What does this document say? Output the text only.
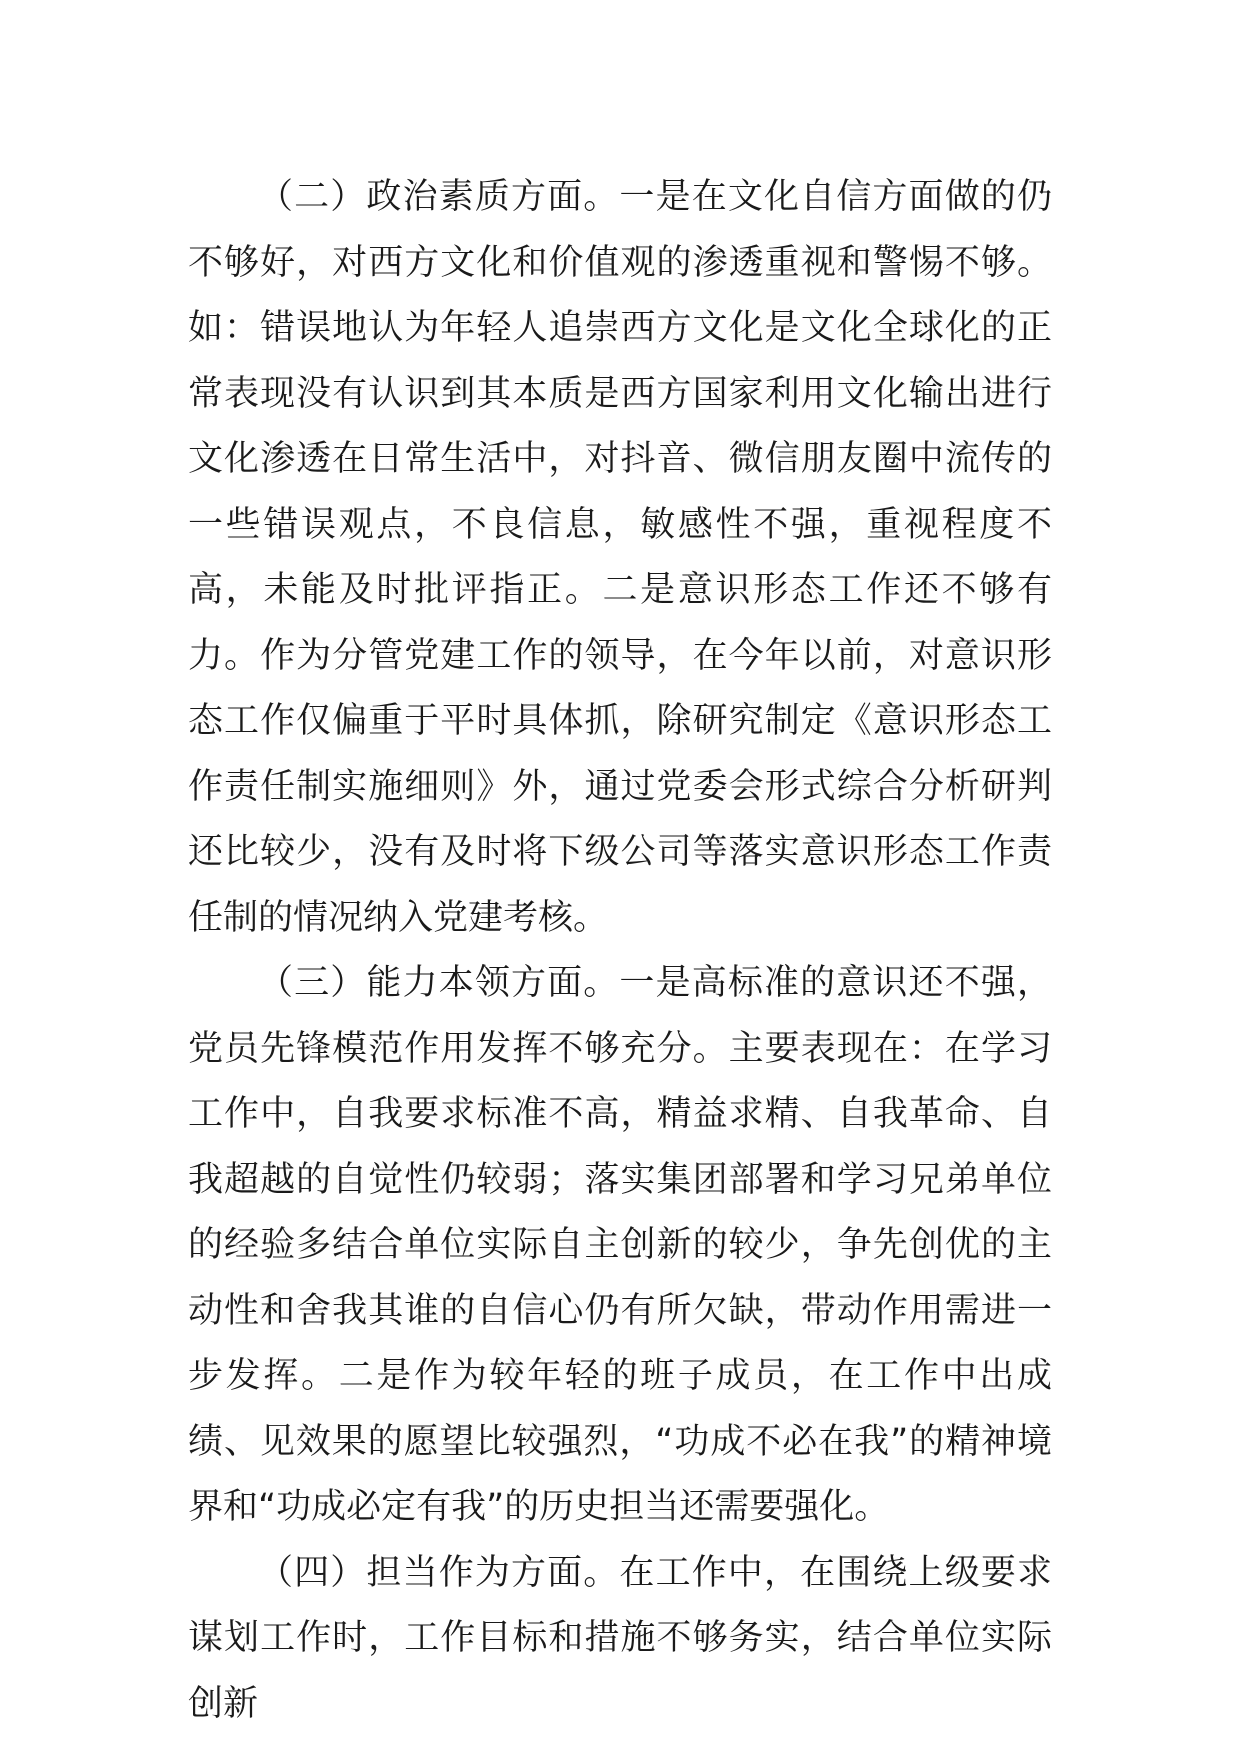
（二）政治素质方面。一是在文化自信方面做的仍不够好，对西方文化和价值观的渗透重视和警惕不够。如：错误地认为年轻人追崇西方文化是文化全球化的正常表现没有认识到其本质是西方国家利用文化输出进行文化渗透在日常生活中，对抖音、微信朋友圈中流传的一些错误观点，不良信息，敏感性不强，重视程度不高，未能及时批评指正。二是意识形态工作还不够有力。作为分管党建工作的领导，在今年以前，对意识形态工作仅偏重于平时具体抓，除研究制定《意识形态工作责任制实施细则》外，通过党委会形式综合分析研判还比较少，没有及时将下级公司等落实意识形态工作责任制的情况纳入党建考核。

（三）能力本领方面。一是高标准的意识还不强，党员先锋模范作用发挥不够充分。主要表现在：在学习工作中，自我要求标准不高，精益求精、自我革命、自我超越的自觉性仍较弱；落实集团部署和学习兄弟单位的经验多结合单位实际自主创新的较少，争先创优的主动性和舍我其谁的自信心仍有所欠缺，带动作用需进一步发挥。二是作为较年轻的班子成员，在工作中出成绩、见效果的愿望比较强烈，“功成不必在我”的精神境界和“功成必定有我”的历史担当还需要强化。

（四）担当作为方面。在工作中，在围绕上级要求谋划工作时，工作目标和措施不够务实，结合单位实际创新
